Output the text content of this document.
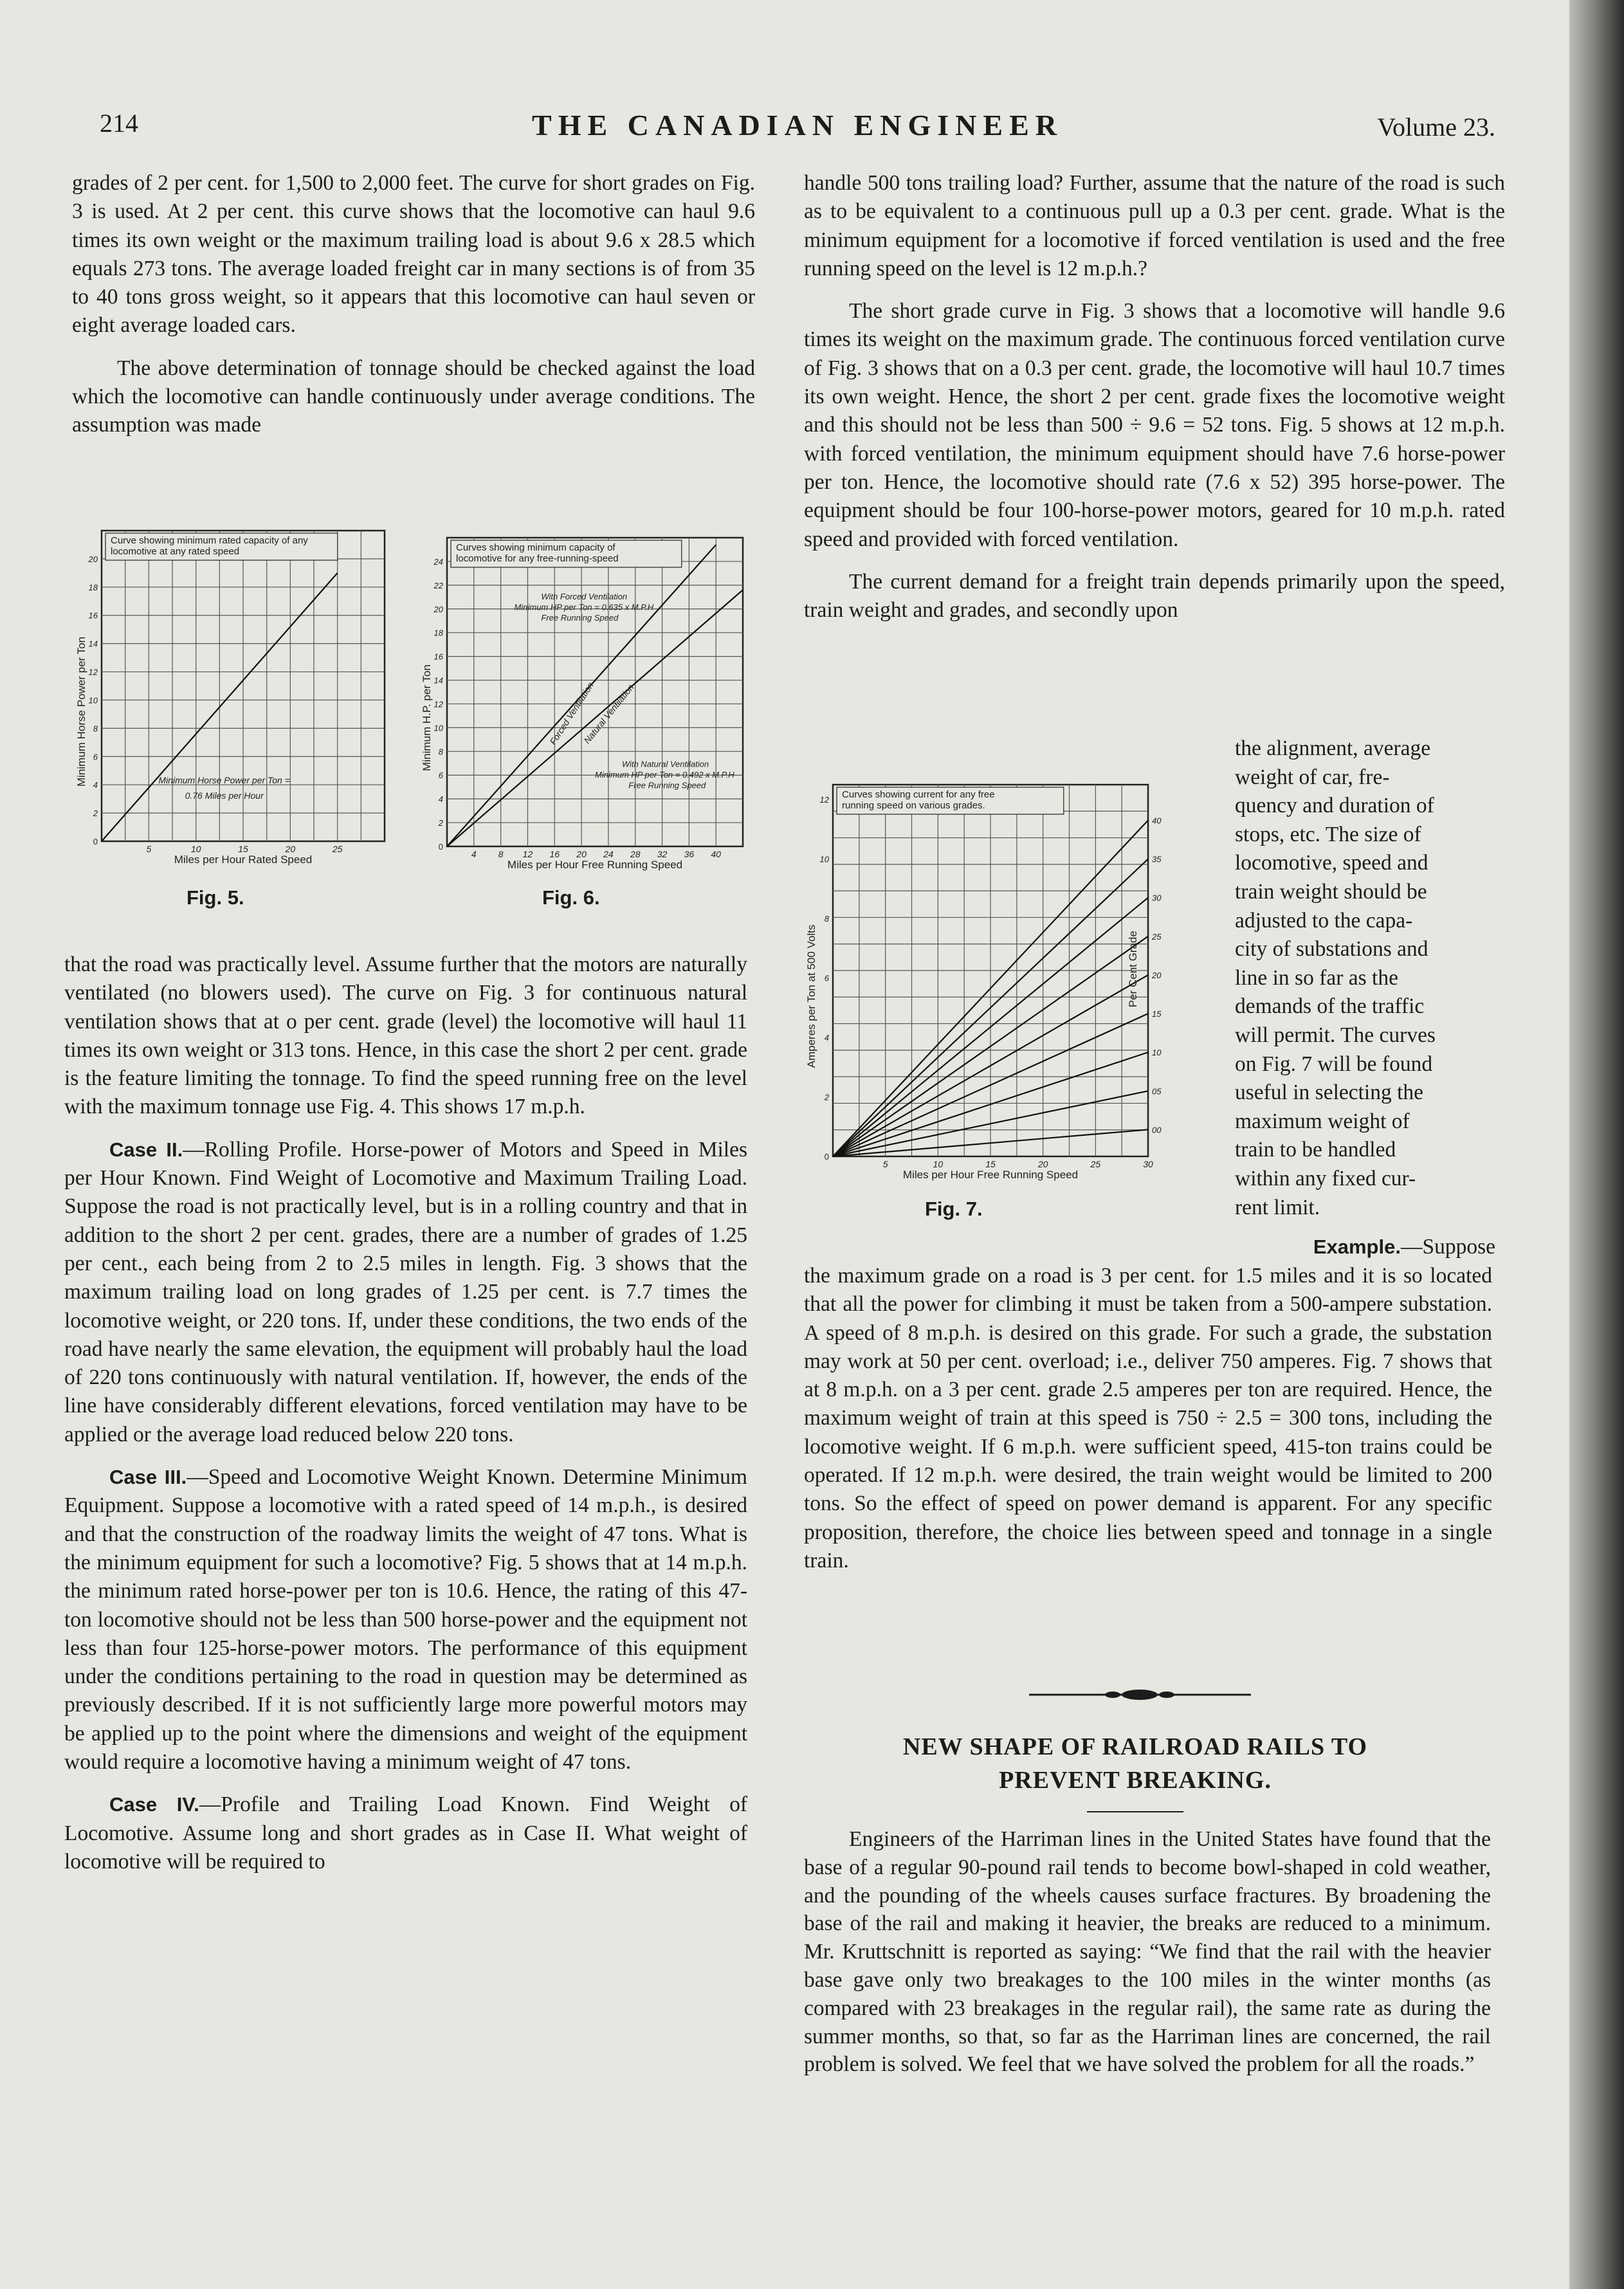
214	THE CANADIAN ENGINEER	Volume 23.

grades of 2 per cent. for 1,500 to 2,000 feet. The curve for short grades on Fig. 3 is used. At 2 per cent. this curve shows that the locomotive can haul 9.6 times its own weight or the maximum trailing load is about 9.6 x 28.5 which equals 273 tons. The average loaded freight car in many sections is of from 35 to 40 tons gross weight, so it appears that this locomotive can haul seven or eight average loaded cars.

The above determination of tonnage should be checked against the load which the locomotive can handle continuously under average conditions. The assumption was made

Curve showing minimum rated capacity of any
locomotive at any rated speed
5	10	15	20	25
2
4
6
8
10
12
14
16
18
20
0
Miles per Hour Rated Speed
Minimum Horse Power per Ton	Minimum Horse Power per Ton =
0.76 Miles per Hour
Fig. 5.
Curves showing minimum capacity of
locomotive for any free-running-speed
4 8 12 16 20 24 28 32 36 40
2
4
6
8
10
12
14
16
18
20
22
24
0
Miles per Hour Free Running Speed
Minimum H.P. per Ton
With Forced Ventilation
Minimum HP per Ton = 0.635 x M.P.H
Free Running Speed
With Natural Ventilation
Minimum HP per Ton = 0.492 x M.P.H
Free Running Speed
Forced Ventilation
Natural Ventilation
Fig. 6.

that the road was practically level. Assume further that the motors are naturally ventilated (no blowers used). The curve on Fig. 3 for continuous natural ventilation shows that at o per cent. grade (level) the locomotive will haul 11 times its own weight or 313 tons. Hence, in this case the short 2 per cent. grade is the feature limiting the tonnage. To find the speed running free on the level with the maximum tonnage use Fig. 4. This shows 17 m.p.h.

Case II.—Rolling Profile. Horse-power of Motors and Speed in Miles per Hour Known. Find Weight of Locomotive and Maximum Trailing Load. Suppose the road is not practically level, but is in a rolling country and that in addition to the short 2 per cent. grades, there are a number of grades of 1.25 per cent., each being from 2 to 2.5 miles in length. Fig. 3 shows that the maximum trailing load on long grades of 1.25 per cent. is 7.7 times the locomotive weight, or 220 tons. If, under these conditions, the two ends of the road have nearly the same elevation, the equipment will probably haul the load of 220 tons continuously with natural ventilation. If, however, the ends of the line have considerably different elevations, forced ventilation may have to be applied or the average load reduced below 220 tons.

Case III.—Speed and Locomotive Weight Known. Determine Minimum Equipment. Suppose a locomotive with a rated speed of 14 m.p.h., is desired and that the construction of the roadway limits the weight of 47 tons. What is the minimum equipment for such a locomotive? Fig. 5 shows that at 14 m.p.h. the minimum rated horse-power per ton is 10.6. Hence, the rating of this 47-ton locomotive should not be less than 500 horse-power and the equipment not less than four 125-horse-power motors. The performance of this equipment under the conditions pertaining to the road in question may be determined as previously described. If it is not sufficiently large more powerful motors may be applied up to the point where the dimensions and weight of the equipment would require a locomotive having a minimum weight of 47 tons.

Case IV.—Profile and Trailing Load Known. Find Weight of Locomotive. Assume long and short grades as in Case II. What weight of locomotive will be required to

handle 500 tons trailing load? Further, assume that the nature of the road is such as to be equivalent to a continuous pull up a 0.3 per cent. grade. What is the minimum equipment for a locomotive if forced ventilation is used and the free running speed on the level is 12 m.p.h.?

The short grade curve in Fig. 3 shows that a locomotive will handle 9.6 times its weight on the maximum grade. The continuous forced ventilation curve of Fig. 3 shows that on a 0.3 per cent. grade, the locomotive will haul 10.7 times its own weight. Hence, the short 2 per cent. grade fixes the locomotive weight and this should not be less than 500 ÷ 9.6 = 52 tons. Fig. 5 shows at 12 m.p.h. with forced ventilation, the minimum equipment should have 7.6 horse-power per ton. Hence, the locomotive should rate (7.6 x 52) 395 horse-power. The equipment should be four 100-horse-power motors, geared for 10 m.p.h. rated speed and provided with forced ventilation.

The current demand for a freight train depends primarily upon the speed, train weight and grades, and secondly upon

Curves showing current for any free
running speed on various grades.
5	10	15	20	25	30
2
4
6
8
10
12
0
Miles per Hour Free Running Speed
Amperes per Ton at 500 Volts
40
35
30
25
20
15
10
05
00
Per Cent Grade
Fig. 7.
the alignment, average
weight of car, fre-
quency and duration of
stops, etc. The size of
locomotive, speed and
train weight should be
adjusted to the capa-
city of substations and
line in so far as the
demands of the traffic
will permit. The curves
on Fig. 7 will be found
useful in selecting the
maximum weight of
train to be handled
within any fixed cur-
rent limit.
Example.—Suppose

the maximum grade on a road is 3 per cent. for 1.5 miles and it is so located that all the power for climbing it must be taken from a 500-ampere substation. A speed of 8 m.p.h. is desired on this grade. For such a grade, the substation may work at 50 per cent. overload; i.e., deliver 750 amperes. Fig. 7 shows that at 8 m.p.h. on a 3 per cent. grade 2.5 amperes per ton are required. Hence, the maximum weight of train at this speed is 750 ÷ 2.5 = 300 tons, including the locomotive weight. If 6 m.p.h. were sufficient speed, 415-ton trains could be operated. If 12 m.p.h. were desired, the train weight would be limited to 200 tons. So the effect of speed on power demand is apparent. For any specific proposition, therefore, the choice lies between speed and tonnage in a single train.

NEW SHAPE OF RAILROAD RAILS TO
PREVENT BREAKING.

Engineers of the Harriman lines in the United States have found that the base of a regular 90-pound rail tends to become bowl-shaped in cold weather, and the pounding of the wheels causes surface fractures. By broadening the base of the rail and making it heavier, the breaks are reduced to a minimum. Mr. Kruttschnitt is reported as saying: “We find that the rail with the heavier base gave only two breakages to the 100 miles in the winter months (as compared with 23 breakages in the regular rail), the same rate as during the summer months, so that, so far as the Harriman lines are concerned, the rail problem is solved. We feel that we have solved the problem for all the roads.”
